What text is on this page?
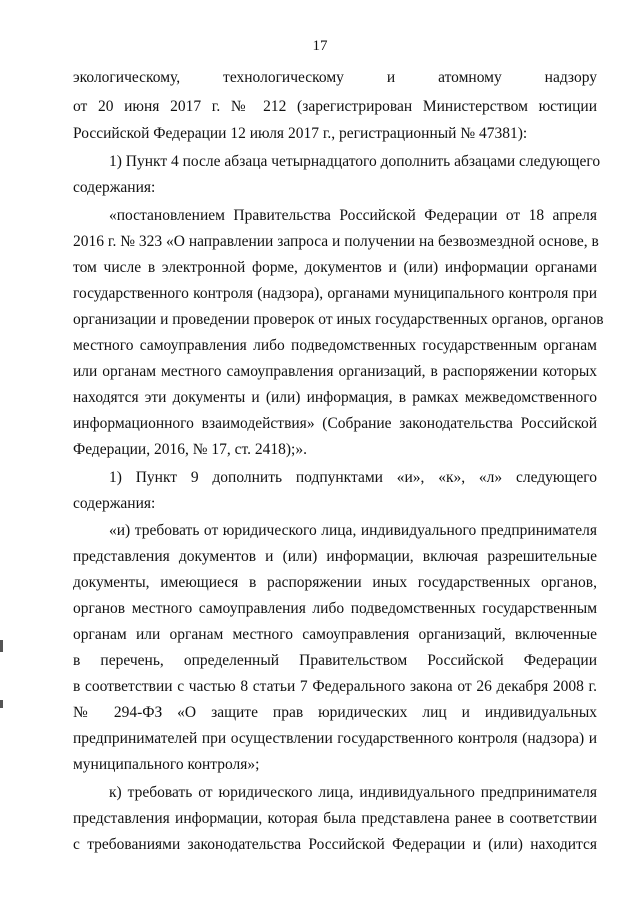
17
экологическому, технологическому и атомному надзору
от 20 июня 2017 г. № 212 (зарегистрирован Министерством юстиции
Российской Федерации 12 июля 2017 г., регистрационный № 47381):
1) Пункт 4 после абзаца четырнадцатого дополнить абзацами следующего
содержания:
«постановлением Правительства Российской Федерации от 18 апреля
2016 г. № 323 «О направлении запроса и получении на безвозмездной основе, в
том числе в электронной форме, документов и (или) информации органами
государственного контроля (надзора), органами муниципального контроля при
организации и проведении проверок от иных государственных органов, органов
местного самоуправления либо подведомственных государственным органам
или органам местного самоуправления организаций, в распоряжении которых
находятся эти документы и (или) информация, в рамках межведомственного
информационного взаимодействия» (Собрание законодательства Российской
Федерации, 2016, № 17, ст. 2418);».
1) Пункт 9 дополнить подпунктами «и», «к», «л» следующего
содержания:
«и) требовать от юридического лица, индивидуального предпринимателя
представления документов и (или) информации, включая разрешительные
документы, имеющиеся в распоряжении иных государственных органов,
органов местного самоуправления либо подведомственных государственным
органам или органам местного самоуправления организаций, включенные
в перечень, определенный Правительством Российской Федерации
в соответствии с частью 8 статьи 7 Федерального закона от 26 декабря 2008 г.
№ 294-ФЗ «О защите прав юридических лиц и индивидуальных
предпринимателей при осуществлении государственного контроля (надзора) и
муниципального контроля»;
к) требовать от юридического лица, индивидуального предпринимателя
представления информации, которая была представлена ранее в соответствии
с требованиями законодательства Российской Федерации и (или) находится
